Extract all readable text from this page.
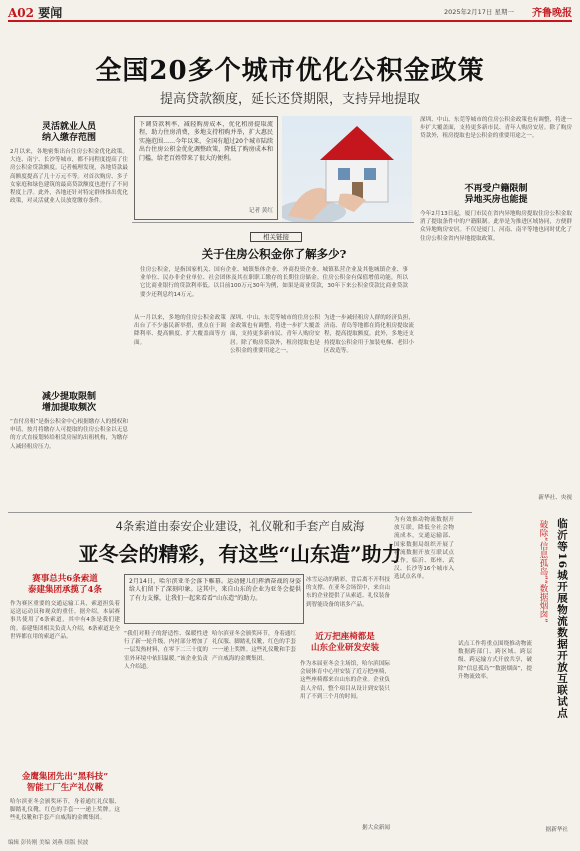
A02 要闻	2025年2月17日 星期一 齐鲁晚报
全国20多个城市优化公积金政策
提高贷款额度，延长还贷期限，支持异地提取
灵活就业人员
纳入缴存范围
2月以来，各地密集出台住房公积金优化政策。大连、南宁、长沙等城市，都不同程度提高了住房公积金贷款额度。记者梳理发现，各地贷款最高额度提高了几十万元不等。对首次购房、多子女家庭和绿色建筑的最高贷款额度也进行了不同程度上浮。此外，各地还针对特定群体推出优化政策，对灵活就业人员放宽缴存条件。
减少提取限制
增加提取频次
“直付房租”是指公积金中心根据缴存人的授权和申请，按月将缴存人可提取的住房公积金以无息的方式直接划转给租赁房屋的出租机构，为缴存人减轻租房压力。
下调贷款利率、减轻购房成本，优化租房提取流程，助力住房消费，多地支持租购并举，扩大惠民实施范围……今年以来，全国有超过20个城市陆续出台住房公积金优化调整政策，降低了购房成本和门槛，给老百姓带来了很大的便利。
记者 黄红
相关链接
关于住房公积金你了解多少?
住房公积金，是指国家机关、国有企业、城镇集体企业、外商投资企业、城镇私营企业及其他城镇企业、事业单位、民办非企业单位、社会团体及其在职职工缴存的长期住房储金。住房公积金有保值增值功能，所以它比商业银行的贷款利率低。以目前100万元30年为例，如果是商业贷款，30年下来公积金贷款比商业贷款要少还利息约14万元。
从一月以来，多地的住房公积金政策出台了不少惠民新举措，重点在于调降利率、提高额度、扩大覆盖面等方面。
深圳、中山、东莞等城市的住房公积金政策也有调整，将进一步扩大覆盖面，支持更多新市民、青年人购房安居。除了购房贷款外，租房提取也是公积金的重要用途之一。
为进一步减轻租房人群的经济负担，济南、青岛等地都在简化租房提取流程，提高提取额度。此外，多地还支持提取公积金用于加装电梯、老旧小区改造等。
深圳、中山、东莞等城市的住房公积金政策也有调整，将进一步扩大覆盖面，支持更多新市民、青年人购房安居。除了购房贷款外，租房提取也是公积金的重要用途之一。
不再受户籍限制
异地买房也能提
今年2月13日起，厦门市民在省内异地购房提取住房公积金取消了提取条件中的户籍限制。此举是为推进区域协同，方便群众异地购房安居。不仅是厦门，河南、南平等地也同时优化了住房公积金省内异地提取政策。
新华社、央视
4条索道由泰安企业建设，礼仪靴和手套产自威海
亚冬会的精彩，有这些“山东造”助力
赛事总共6条索道
泰建集团承揽了4条
作为赛区重要的交通运输工具，索道担负着运送运动员和观众的重任。据介绍，本届赛事共使用了6条索道，其中有4条是我们建的。泰建集团相关负责人介绍，6条索道是全世界都在用的索道产品。
金鹰集团先出“黑科技”
智能工厂生产礼仪靴
哈尔滨亚冬会颁奖环节，身着通红礼仪服、脚踏礼仪靴，红色的手套一一递上奖牌。这些礼仪靴和手套产自威海的金鹰集团。
2月14日，哈尔滨亚冬会落下帷幕。运动健儿们挥洒奋战的身姿给人们留下了深刻印象。这其中，来自山东的企业为亚冬会提供了有力支撑，让我们一起来看看“山东造”的助力。
冰雪运动的精彩，背后离不开科技的支撑。在亚冬会场馆中，来自山东的企业提供了从索道、礼仪装备到智能设备的诸多产品。
“我们对鞋子的舒适性、保暖性进行了新一轮升级，内衬部分增加了一层发热材料，在零下二三十度的室外环境中依旧温暖。”该企业负责人介绍道。
哈尔滨亚冬会颁奖环节，身着通红礼仪服、脚踏礼仪靴，红色的手套一一递上奖牌。这些礼仪靴和手套产自威海的金鹰集团。
近万把座椅都是
山东企业研发安装
作为本届亚冬会主场馆，哈尔滨国际会展体育中心里安装了近万把座椅，这些座椅都来自山东的企业。企业负责人介绍，整个项目从设计到安装只用了不到三个月的时间。
据大众新闻
为有效推动物流数据开放互联，降低全社会物流成本，交通运输部、国家数据局组织开展了物流数据开放互联试点工作，临沂、郑州、武汉、长沙等16个城市入选试点名单。	临沂等16城开展物流数据开放互联试点
破除“信息孤岛”“数据烟囱”
试点工作将重点围绕推动物流数据跨部门、跨区域、跨层级、跨运输方式开放共享，破除“信息孤岛”“数据烟囱”，提升物流效率。
据新华社
编辑 彭传刚 美编 刘燕 组版 侯波
